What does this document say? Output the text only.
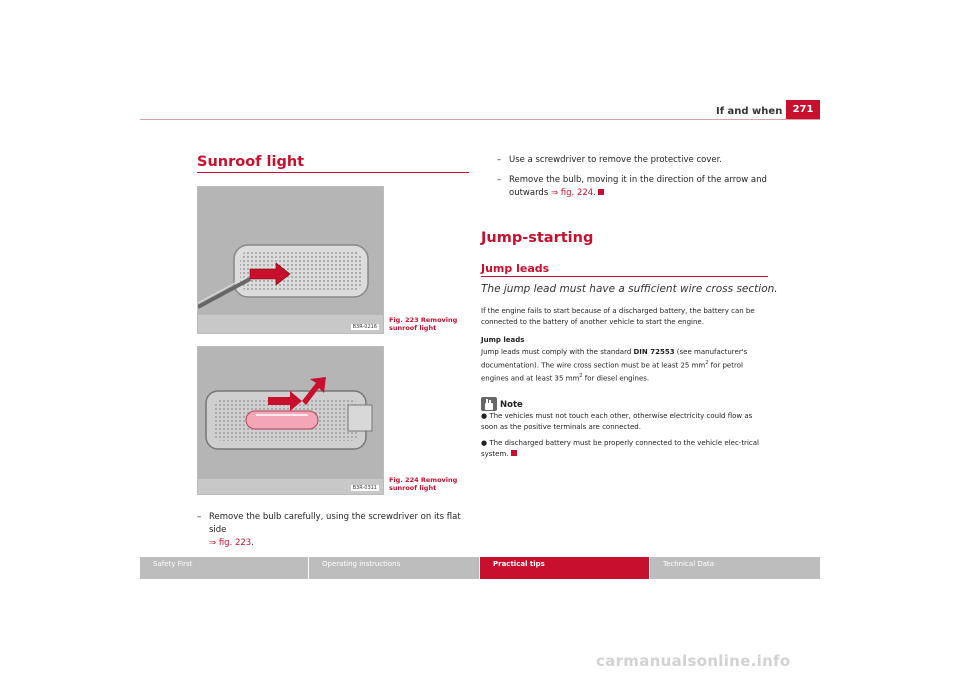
If and when	271
Sunroof light
B3R-0216
Fig. 223 Removing sunroof light
B3R-0311
Fig. 224 Removing sunroof light
– Remove the bulb carefully, using the screwdriver on its flat side
⇒ fig. 223.
– Use a screwdriver to remove the protective cover.
– Remove the bulb, moving it in the direction of the arrow and outwards ⇒ fig. 224.
Jump-starting
Jump leads
The jump lead must have a sufficient wire cross section.
If the engine fails to start because of a discharged battery, the battery can be connected to the battery of another vehicle to start the engine.
Jump leads
Jump leads must comply with the standard DIN 72553 (see manufacturer's documentation). The wire cross section must be at least 25 $mm^2$ for petrol engines and at least 35 $mm^2$ for diesel engines.
Note
● The vehicles must not touch each other, otherwise electricity could flow as soon as the positive terminals are connected.
● The discharged battery must be properly connected to the vehicle elec-trical system.
Safety First	Operating instructions	Practical tips	Technical Data
carmanualsonline.info
